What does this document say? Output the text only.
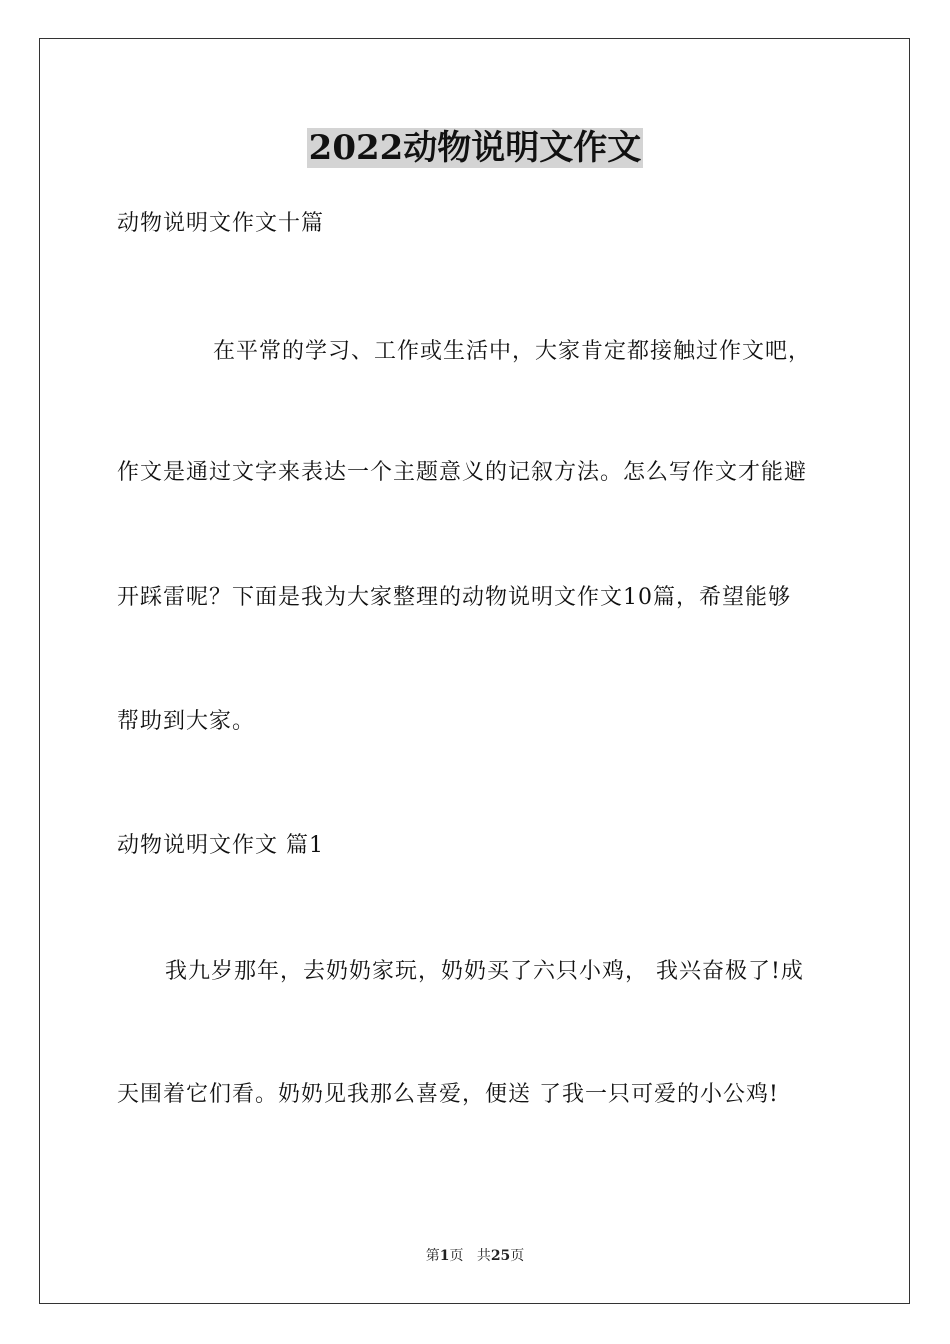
2022动物说明文作文

动物说明文作文十篇

在平常的学习、工作或生活中，大家肯定都接触过作文吧，

作文是通过文字来表达一个主题意义的记叙方法。怎么写作文才能避

开踩雷呢？下面是我为大家整理的动物说明文作文10篇，希望能够

帮助到大家。

动物说明文作文 篇1

我九岁那年，去奶奶家玩，奶奶买了六只小鸡， 我兴奋极了!成

天围着它们看。奶奶见我那么喜爱，便送 了我一只可爱的小公鸡!

第1页 共25页
